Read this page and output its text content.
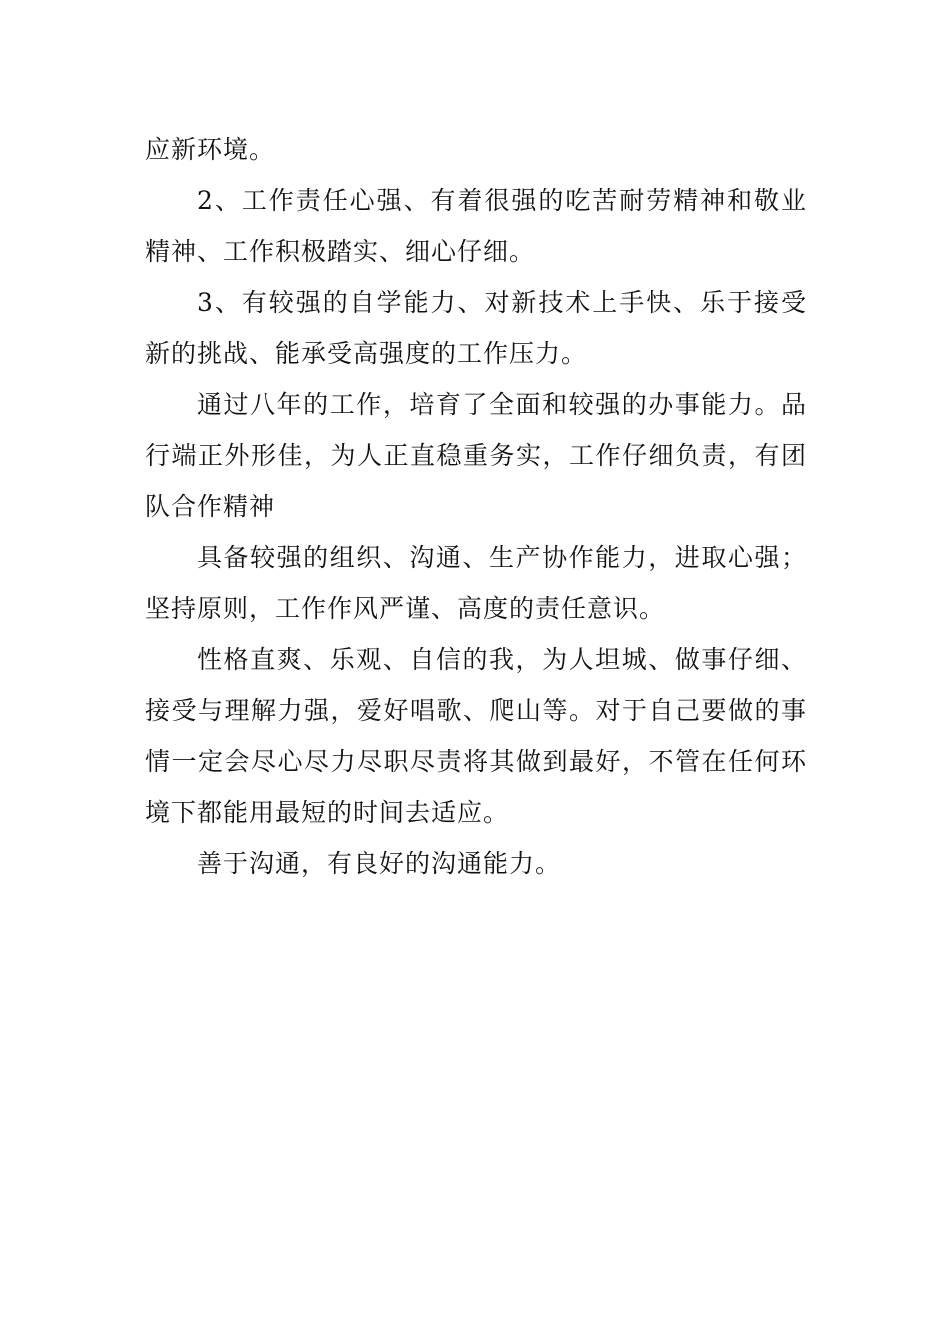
应新环境。

2、工作责任心强、有着很强的吃苦耐劳精神和敬业精神、工作积极踏实、细心仔细。

3、有较强的自学能力、对新技术上手快、乐于接受新的挑战、能承受高强度的工作压力。

通过八年的工作，培育了全面和较强的办事能力。品行端正外形佳，为人正直稳重务实，工作仔细负责，有团队合作精神

具备较强的组织、沟通、生产协作能力，进取心强；坚持原则，工作作风严谨、高度的责任意识。

性格直爽、乐观、自信的我，为人坦城、做事仔细、接受与理解力强，爱好唱歌、爬山等。对于自己要做的事情一定会尽心尽力尽职尽责将其做到最好，不管在任何环境下都能用最短的时间去适应。

善于沟通，有良好的沟通能力。
